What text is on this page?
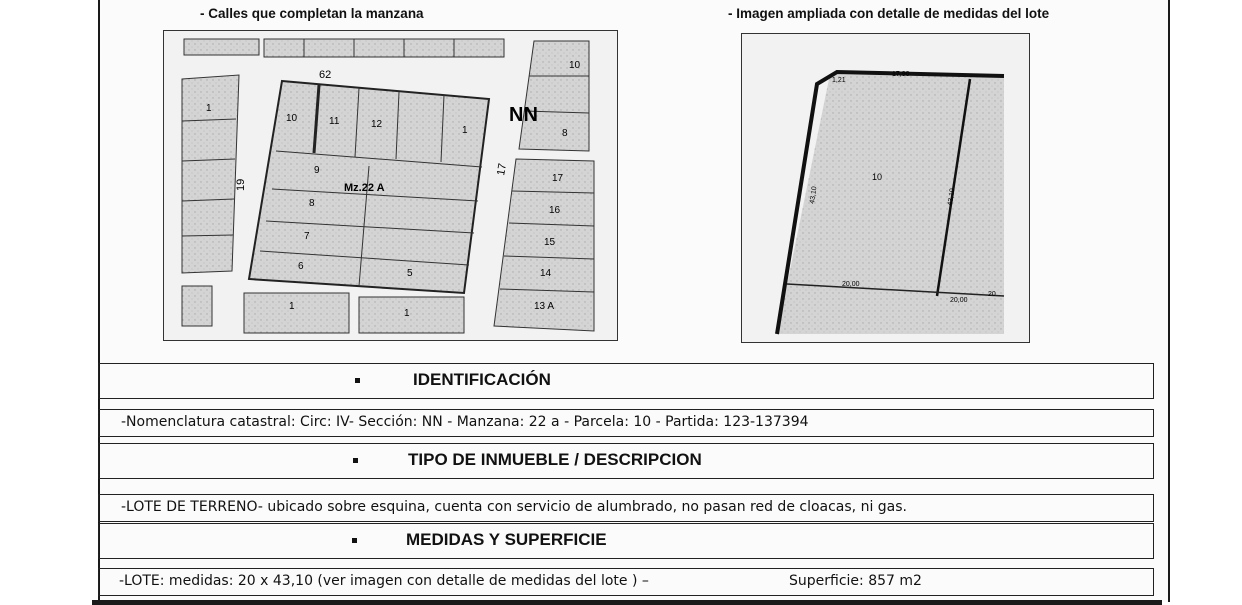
- Calles que completan la manzana	- Imagen ampliada con detalle de medidas del lote
62
19
17
NN
Mz.22 A
10	11	12
1
9
8
7
6
5
17
16
15
14
13 A
10
8
1
1
1
1,21
17,90
43,10	43,10
20,00
20,00
20
10
IDENTIFICACIÓN
-Nomenclatura catastral: Circ: IV- Sección: NN - Manzana: 22 a - Parcela: 10 - Partida: 123-137394
TIPO DE INMUEBLE / DESCRIPCION
-LOTE DE TERRENO- ubicado sobre esquina, cuenta con servicio de alumbrado, no pasan red de cloacas, ni gas.
MEDIDAS Y SUPERFICIE
-LOTE: medidas: 20 x 43,10 (ver imagen con detalle de medidas del lote ) –	Superficie: 857 m2
